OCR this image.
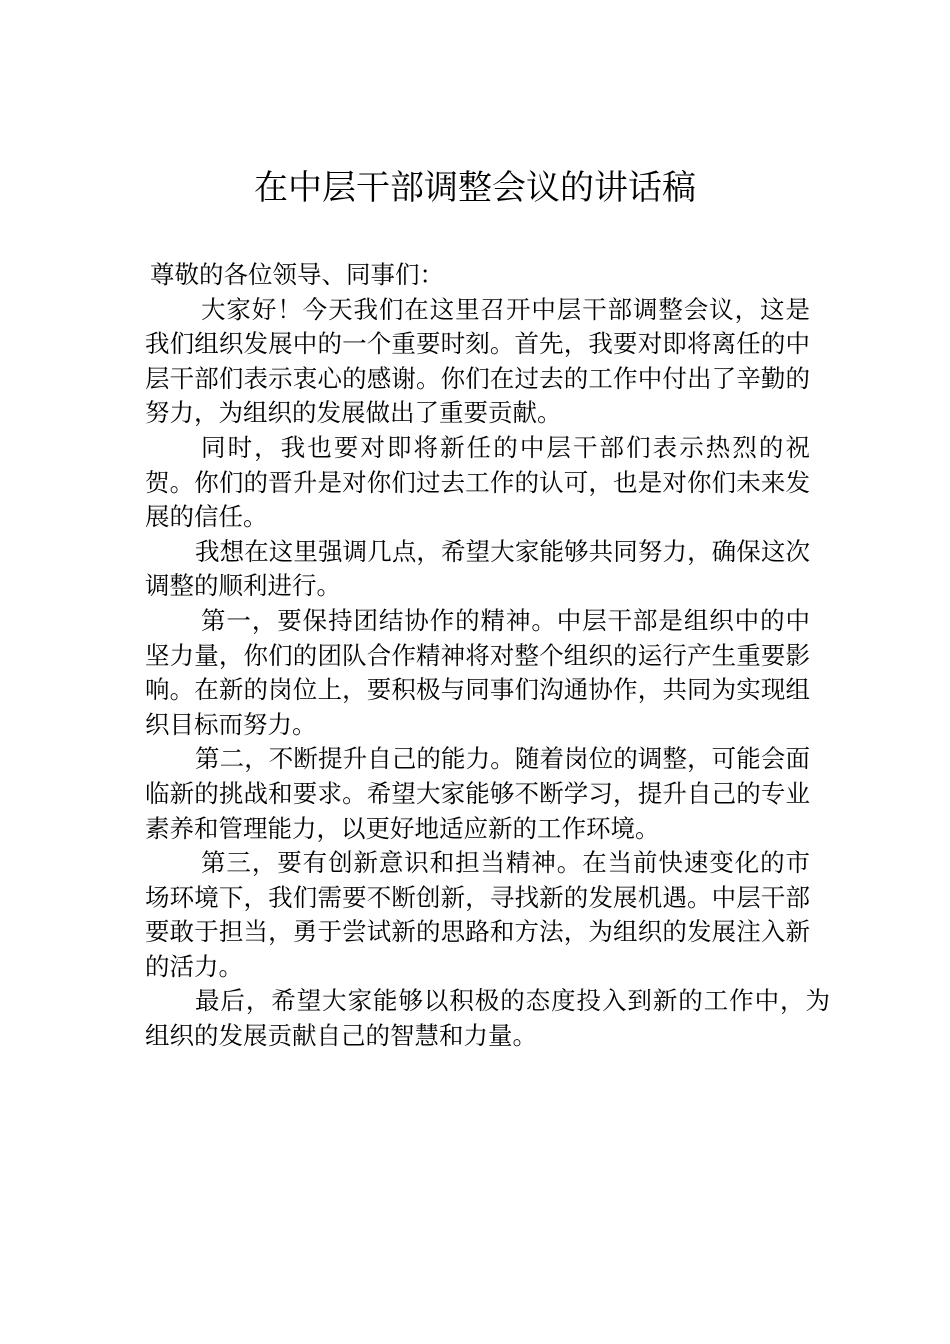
在中层干部调整会议的讲话稿

尊敬的各位领导、同事们：

大家好！今天我们在这里召开中层干部调整会议，这是我们组织发展中的一个重要时刻。首先，我要对即将离任的中层干部们表示衷心的感谢。你们在过去的工作中付出了辛勤的努力，为组织的发展做出了重要贡献。

同时，我也要对即将新任的中层干部们表示热烈的祝贺。你们的晋升是对你们过去工作的认可，也是对你们未来发展的信任。

我想在这里强调几点，希望大家能够共同努力，确保这次调整的顺利进行。

第一，要保持团结协作的精神。中层干部是组织中的中坚力量，你们的团队合作精神将对整个组织的运行产生重要影响。在新的岗位上，要积极与同事们沟通协作，共同为实现组织目标而努力。

第二，不断提升自己的能力。随着岗位的调整，可能会面临新的挑战和要求。希望大家能够不断学习，提升自己的专业素养和管理能力，以更好地适应新的工作环境。

第三，要有创新意识和担当精神。在当前快速变化的市场环境下，我们需要不断创新，寻找新的发展机遇。中层干部要敢于担当，勇于尝试新的思路和方法，为组织的发展注入新的活力。

最后，希望大家能够以积极的态度投入到新的工作中，为组织的发展贡献自己的智慧和力量。
